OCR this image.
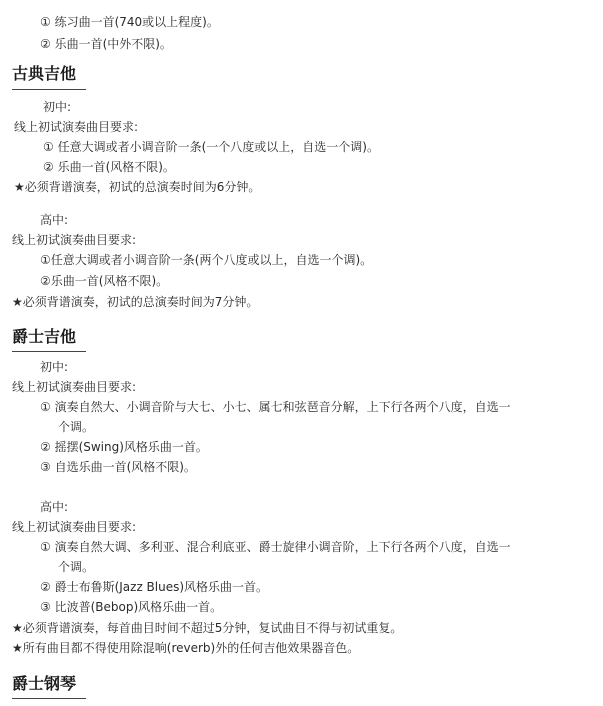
① 练习曲一首(740或以上程度)。
② 乐曲一首(中外不限)。
古典吉他
初中:
线上初试演奏曲目要求:
① 任意大调或者小调音阶一条(一个八度或以上，自选一个调)。
② 乐曲一首(风格不限)。
★必须背谱演奏，初试的总演奏时间为6分钟。
高中:
线上初试演奏曲目要求:
①任意大调或者小调音阶一条(两个八度或以上，自选一个调)。
②乐曲一首(风格不限)。
★必须背谱演奏，初试的总演奏时间为7分钟。
爵士吉他
初中:
线上初试演奏曲目要求:
① 演奏自然大、小调音阶与大七、小七、属七和弦琶音分解，上下行各两个八度，自选一
个调。
② 摇摆(Swing)风格乐曲一首。
③ 自选乐曲一首(风格不限)。
高中:
线上初试演奏曲目要求:
① 演奏自然大调、多利亚、混合利底亚、爵士旋律小调音阶，上下行各两个八度，自选一
个调。
② 爵士布鲁斯(Jazz Blues)风格乐曲一首。
③ 比波普(Bebop)风格乐曲一首。
★必须背谱演奏，每首曲目时间不超过5分钟，复试曲目不得与初试重复。
★所有曲目都不得使用除混响(reverb)外的任何吉他效果器音色。
爵士钢琴
